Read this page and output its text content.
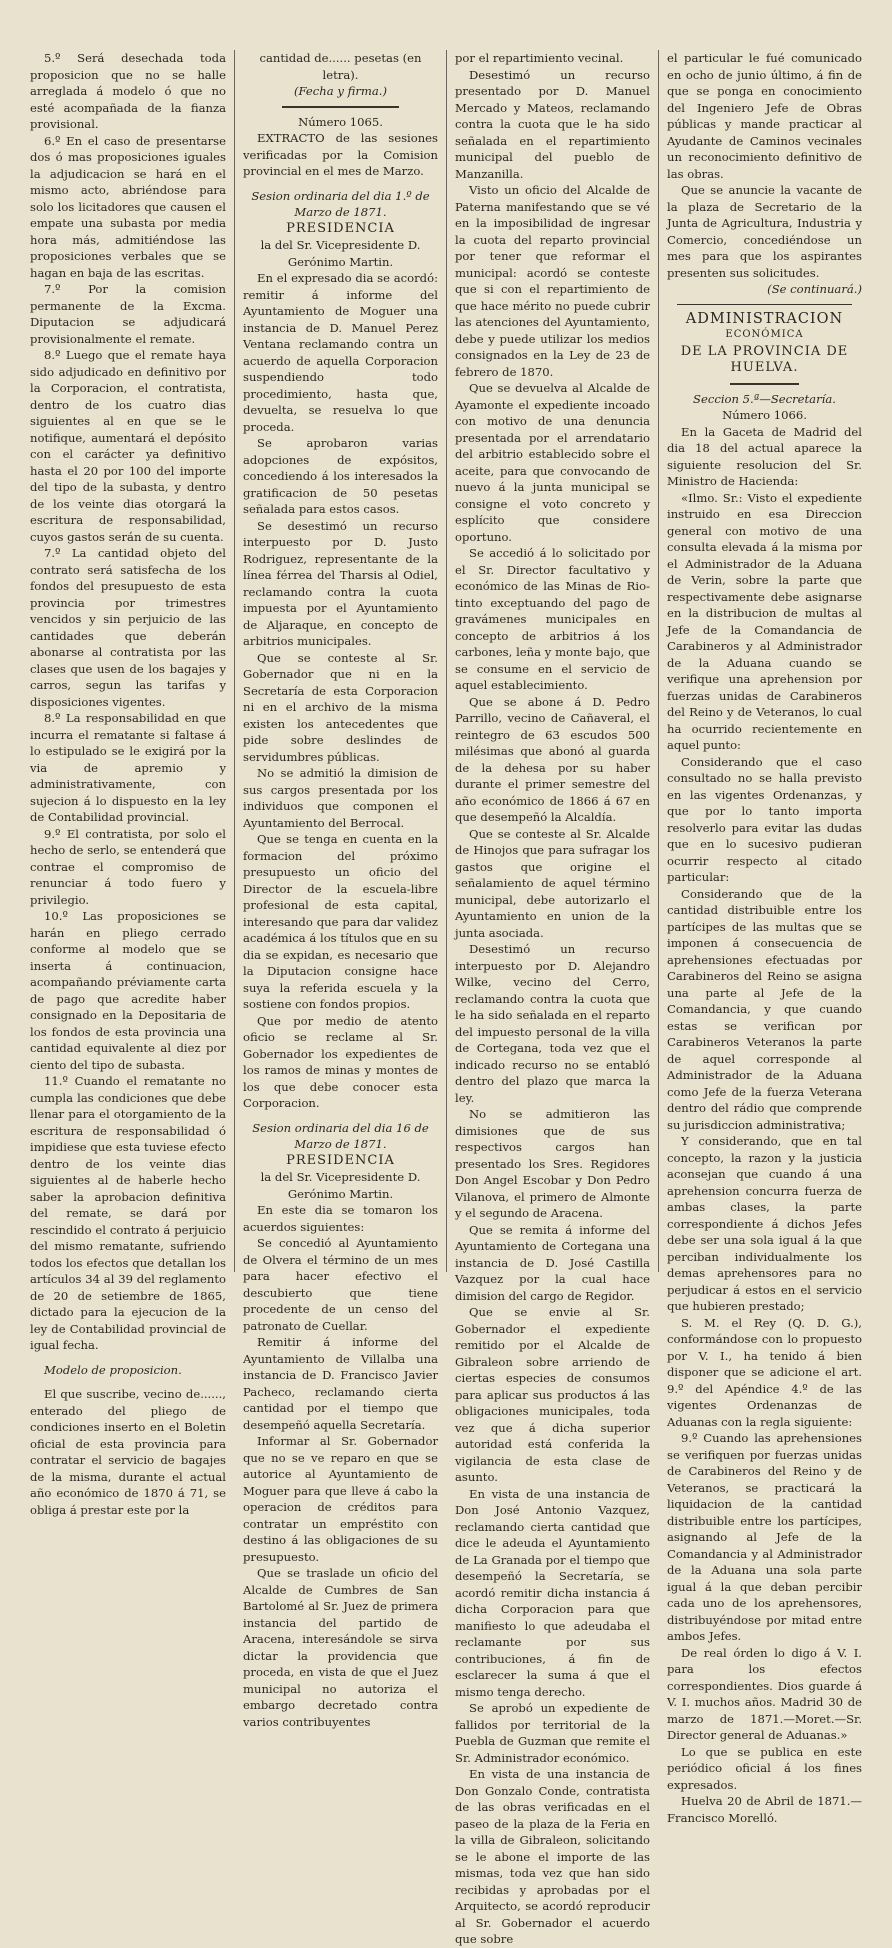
5.º Será desechada toda proposicion que no se halle arreglada á modelo ó que no esté acompañada de la fianza provisional.

6.º En el caso de presentarse dos ó mas proposiciones iguales la adjudicacion se hará en el mismo acto, abriéndose para solo los licitadores que causen el empate una subasta por media hora más, admitiéndose las proposiciones verbales que se hagan en baja de las escritas.

7.º Por la comision permanente de la Excma. Diputacion se adjudicará provisionalmente el remate.

8.º Luego que el remate haya sido adjudicado en definitivo por la Corporacion, el contratista, dentro de los cuatro dias siguientes al en que se le notifique, aumentará el depósito con el carácter ya definitivo hasta el 20 por 100 del importe del tipo de la subasta, y dentro de los veinte dias otorgará la escritura de responsabilidad, cuyos gastos serán de su cuenta.

7.º La cantidad objeto del contrato será satisfecha de los fondos del presupuesto de esta provincia por trimestres vencidos y sin perjuicio de las cantidades que deberán abonarse al contratista por las clases que usen de los bagajes y carros, segun las tarifas y disposiciones vigentes.

8.º La responsabilidad en que incurra el rematante si faltase á lo estipulado se le exigirá por la via de apremio y administrativamente, con sujecion á lo dispuesto en la ley de Contabilidad provincial.

9.º El contratista, por solo el hecho de serlo, se entenderá que contrae el compromiso de renunciar á todo fuero y privilegio.

10.º Las proposiciones se harán en pliego cerrado conforme al modelo que se inserta á continuacion, acompañando préviamente carta de pago que acredite haber consignado en la Depositaria de los fondos de esta provincia una cantidad equivalente al diez por ciento del tipo de subasta.

11.º Cuando el rematante no cumpla las condiciones que debe llenar para el otorgamiento de la escritura de responsabilidad ó impidiese que esta tuviese efecto dentro de los veinte dias siguientes al de haberle hecho saber la aprobacion definitiva del remate, se dará por rescindido el contrato á perjuicio del mismo rematante, sufriendo todos los efectos que detallan los artículos 34 al 39 del reglamento de 20 de setiembre de 1865, dictado para la ejecucion de la ley de Contabilidad provincial de igual fecha.

Modelo de proposicion.

El que suscribe, vecino de......, enterado del pliego de condiciones inserto en el Boletin oficial de esta provincia para contratar el servicio de bagajes de la misma, durante el actual año económico de 1870 á 71, se obliga á prestar este por la

cantidad de...... pesetas (en letra).

(Fecha y firma.)

Número 1065.

EXTRACTO de las sesiones verificadas por la Comision provincial en el mes de Marzo.

Sesion ordinaria del dia 1.º de Marzo de 1871.

PRESIDENCIA

la del Sr. Vicepresidente D. Gerónimo Martin.

En el expresado dia se acordó: remitir á informe del Ayuntamiento de Moguer una instancia de D. Manuel Perez Ventana reclamando contra un acuerdo de aquella Corporacion suspendiendo todo procedimiento, hasta que, devuelta, se resuelva lo que proceda.

Se aprobaron varias adopciones de expósitos, concediendo á los interesados la gratificacion de 50 pesetas señalada para estos casos.

Se desestimó un recurso interpuesto por D. Justo Rodriguez, representante de la línea férrea del Tharsis al Odiel, reclamando contra la cuota impuesta por el Ayuntamiento de Aljaraque, en concepto de arbitrios municipales.

Que se conteste al Sr. Gobernador que ni en la Secretaría de esta Corporacion ni en el archivo de la misma existen los antecedentes que pide sobre deslindes de servidumbres públicas.

No se admitió la dimision de sus cargos presentada por los individuos que componen el Ayuntamiento del Berrocal.

Que se tenga en cuenta en la formacion del próximo presupuesto un oficio del Director de la escuela-libre profesional de esta capital, interesando que para dar validez académica á los títulos que en su dia se expidan, es necesario que la Diputacion consigne hace suya la referida escuela y la sostiene con fondos propios.

Que por medio de atento oficio se reclame al Sr. Gobernador los expedientes de los ramos de minas y montes de los que debe conocer esta Corporacion.

Sesion ordinaria del dia 16 de Marzo de 1871.

PRESIDENCIA

la del Sr. Vicepresidente D. Gerónimo Martin.

En este dia se tomaron los acuerdos siguientes:

Se concedió al Ayuntamiento de Olvera el término de un mes para hacer efectivo el descubierto que tiene procedente de un censo del patronato de Cuellar.

Remitir á informe del Ayuntamiento de Villalba una instancia de D. Francisco Javier Pacheco, reclamando cierta cantidad por el tiempo que desempeñó aquella Secretaría.

Informar al Sr. Gobernador que no se ve reparo en que se autorice al Ayuntamiento de Moguer para que lleve á cabo la operacion de créditos para contratar un empréstito con destino á las obligaciones de su presupuesto.

Que se traslade un oficio del Alcalde de Cumbres de San Bartolomé al Sr. Juez de primera instancia del partido de Aracena, interesándole se sirva dictar la providencia que proceda, en vista de que el Juez municipal no autoriza el embargo decretado contra varios contribuyentes

por el repartimiento vecinal.

Desestimó un recurso presentado por D. Manuel Mercado y Mateos, reclamando contra la cuota que le ha sido señalada en el repartimiento municipal del pueblo de Manzanilla.

Visto un oficio del Alcalde de Paterna manifestando que se vé en la imposibilidad de ingresar la cuota del reparto provincial por tener que reformar el municipal: acordó se conteste que si con el repartimiento de que hace mérito no puede cubrir las atenciones del Ayuntamiento, debe y puede utilizar los medios consignados en la Ley de 23 de febrero de 1870.

Que se devuelva al Alcalde de Ayamonte el expediente incoado con motivo de una denuncia presentada por el arrendatario del arbitrio establecido sobre el aceite, para que convocando de nuevo á la junta municipal se consigne el voto concreto y esplícito que considere oportuno.

Se accedió á lo solicitado por el Sr. Director facultativo y económico de las Minas de Rio-tinto exceptuando del pago de gravámenes municipales en concepto de arbitrios á los carbones, leña y monte bajo, que se consume en el servicio de aquel establecimiento.

Que se abone á D. Pedro Parrillo, vecino de Cañaveral, el reintegro de 63 escudos 500 milésimas que abonó al guarda de la dehesa por su haber durante el primer semestre del año económico de 1866 á 67 en que desempeñó la Alcaldía.

Que se conteste al Sr. Alcalde de Hinojos que para sufragar los gastos que origine el señalamiento de aquel término municipal, debe autorizarlo el Ayuntamiento en union de la junta asociada.

Desestimó un recurso interpuesto por D. Alejandro Wilke, vecino del Cerro, reclamando contra la cuota que le ha sido señalada en el reparto del impuesto personal de la villa de Cortegana, toda vez que el indicado recurso no se entabló dentro del plazo que marca la ley.

No se admitieron las dimisiones que de sus respectivos cargos han presentado los Sres. Regidores Don Angel Escobar y Don Pedro Vilanova, el primero de Almonte y el segundo de Aracena.

Que se remita á informe del Ayuntamiento de Cortegana una instancia de D. José Castilla Vazquez por la cual hace dimision del cargo de Regidor.

Que se envie al Sr. Gobernador el expediente remitido por el Alcalde de Gibraleon sobre arriendo de ciertas especies de consumos para aplicar sus productos á las obligaciones municipales, toda vez que á dicha superior autoridad está conferida la vigilancia de esta clase de asunto.

En vista de una instancia de Don José Antonio Vazquez, reclamando cierta cantidad que dice le adeuda el Ayuntamiento de La Granada por el tiempo que desempeñó la Secretaría, se acordó remitir dicha instancia á dicha Corporacion para que manifiesto lo que adeudaba el reclamante por sus contribuciones, á fin de esclarecer la suma á que el mismo tenga derecho.

Se aprobó un expediente de fallidos por territorial de la Puebla de Guzman que remite el Sr. Administrador económico.

En vista de una instancia de Don Gonzalo Conde, contratista de las obras verificadas en el paseo de la plaza de la Feria en la villa de Gibraleon, solicitando se le abone el importe de las mismas, toda vez que han sido recibidas y aprobadas por el Arquitecto, se acordó reproducir al Sr. Gobernador el acuerdo que sobre

el particular le fué comunicado en ocho de junio último, á fin de que se ponga en conocimiento del Ingeniero Jefe de Obras públicas y mande practicar al Ayudante de Caminos vecinales un reconocimiento definitivo de las obras.

Que se anuncie la vacante de la plaza de Secretario de la Junta de Agricultura, Industria y Comercio, concediéndose un mes para que los aspirantes presenten sus solicitudes.

(Se continuará.)

ADMINISTRACION

ECONÓMICA

DE LA PROVINCIA DE HUELVA.

Seccion 5.ª—Secretaría.

Número 1066.

En la Gaceta de Madrid del dia 18 del actual aparece la siguiente resolucion del Sr. Ministro de Hacienda:

«Ilmo. Sr.: Visto el expediente instruido en esa Direccion general con motivo de una consulta elevada á la misma por el Administrador de la Aduana de Verin, sobre la parte que respectivamente debe asignarse en la distribucion de multas al Jefe de la Comandancia de Carabineros y al Administrador de la Aduana cuando se verifique una aprehension por fuerzas unidas de Carabineros del Reino y de Veteranos, lo cual ha ocurrido recientemente en aquel punto:

Considerando que el caso consultado no se halla previsto en las vigentes Ordenanzas, y que por lo tanto importa resolverlo para evitar las dudas que en lo sucesivo pudieran ocurrir respecto al citado particular:

Considerando que de la cantidad distribuible entre los partícipes de las multas que se imponen á consecuencia de aprehensiones efectuadas por Carabineros del Reino se asigna una parte al Jefe de la Comandancia, y que cuando estas se verifican por Carabineros Veteranos la parte de aquel corresponde al Administrador de la Aduana como Jefe de la fuerza Veterana dentro del rádio que comprende su jurisdiccion administrativa;

Y considerando, que en tal concepto, la razon y la justicia aconsejan que cuando á una aprehension concurra fuerza de ambas clases, la parte correspondiente á dichos Jefes debe ser una sola igual á la que perciban individualmente los demas aprehensores para no perjudicar á estos en el servicio que hubieren prestado;

S. M. el Rey (Q. D. G.), conformándose con lo propuesto por V. I., ha tenido á bien disponer que se adicione el art. 9.º del Apéndice 4.º de las vigentes Ordenanzas de Aduanas con la regla siguiente:

9.º Cuando las aprehensiones se verifiquen por fuerzas unidas de Carabineros del Reino y de Veteranos, se practicará la liquidacion de la cantidad distribuible entre los partícipes, asignando al Jefe de la Comandancia y al Administrador de la Aduana una sola parte igual á la que deban percibir cada uno de los aprehensores, distribuyéndose por mitad entre ambos Jefes.

De real órden lo digo á V. I. para los efectos correspondientes. Dios guarde á V. I. muchos años. Madrid 30 de marzo de 1871.—Moret.—Sr. Director general de Aduanas.»

Lo que se publica en este periódico oficial á los fines expresados.

Huelva 20 de Abril de 1871.—Francisco Morelló.
